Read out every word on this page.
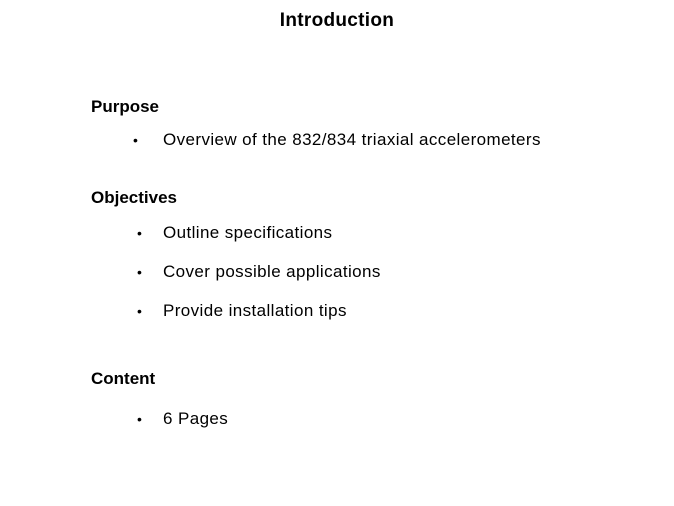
Introduction
Purpose
• Overview of the 832/834 triaxial accelerometers
Objectives
• Outline specifications
• Cover possible applications
• Provide installation tips
Content
• 6 Pages
